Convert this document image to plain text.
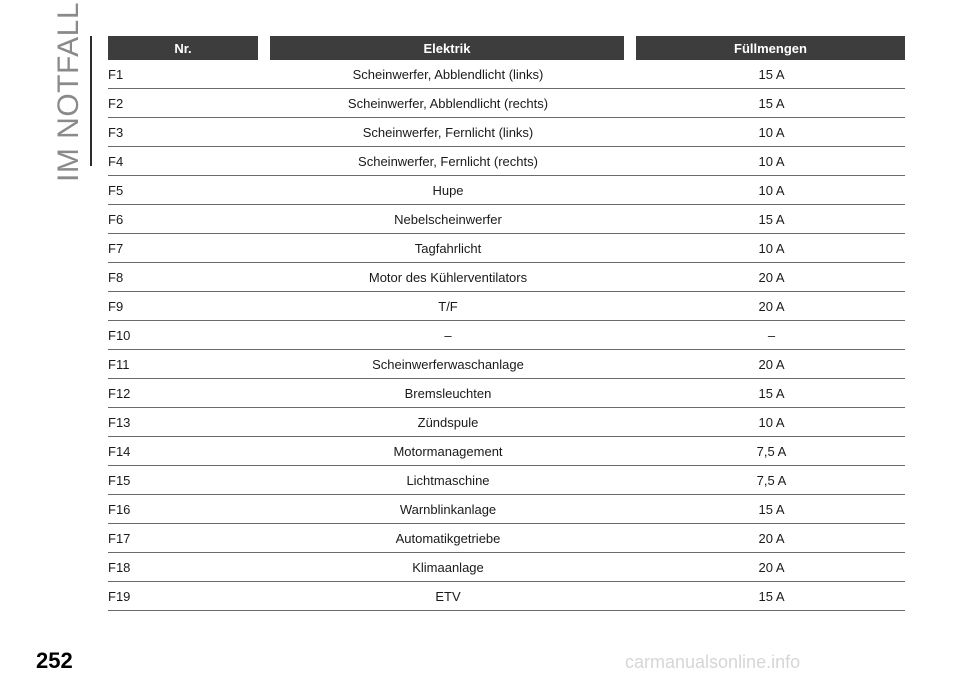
IM NOTFALL	Nr.	Elektrik	Füllmengen
F1	Scheinwerfer, Abblendlicht (links)	15 A
F2	Scheinwerfer, Abblendlicht (rechts)	15 A
F3	Scheinwerfer, Fernlicht (links)	10 A
F4	Scheinwerfer, Fernlicht (rechts)	10 A
F5	Hupe	10 A
F6	Nebelscheinwerfer	15 A
F7	Tagfahrlicht	10 A
F8	Motor des Kühlerventilators	20 A
F9	T/F	20 A
F10	–	–
F11	Scheinwerferwaschanlage	20 A
F12	Bremsleuchten	15 A
F13	Zündspule	10 A
F14	Motormanagement	7,5 A
F15	Lichtmaschine	7,5 A
F16	Warnblinkanlage	15 A
F17	Automatikgetriebe	20 A
F18	Klimaanlage	20 A
F19	ETV	15 A
252	carmanualsonline.info
